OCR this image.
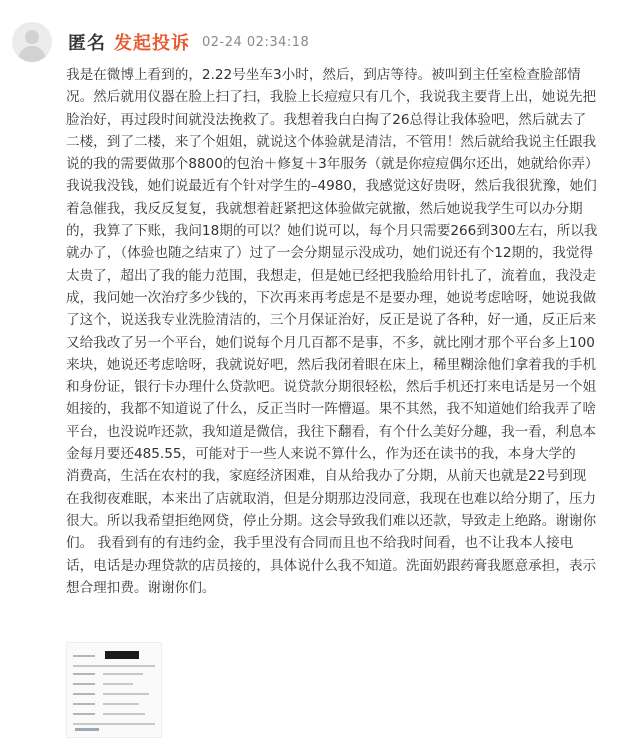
匿名 发起投诉 02-24 02:34:18
我是在微博上看到的，2.22号坐车3小时，然后，到店等待。被叫到主任室检查脸部情
况。然后就用仪器在脸上扫了扫，我脸上长痘痘只有几个，我说我主要背上出，她说先把
脸治好，再过段时间就没法挽救了。我想着我白白掏了26总得让我体验吧，然后就去了
二楼，到了二楼，来了个姐姐，就说这个体验就是清洁，不管用！然后就给我说主任跟我
说的我的需要做那个8800的包治＋修复＋3年服务（就是你痘痘偶尔还出，她就给你弄）
我说我没钱，她们说最近有个针对学生的–4980，我感觉这好贵呀，然后我很犹豫，她们
着急催我，我反反复复，我就想着赶紧把这体验做完就撤，然后她说我学生可以办分期
的，我算了下账，我问18期的可以？她们说可以，每个月只需要266到300左右，所以我
就办了，（体验也随之结束了）过了一会分期显示没成功，她们说还有个12期的，我觉得
太贵了，超出了我的能力范围，我想走，但是她已经把我脸给用针扎了，流着血，我没走
成，我问她一次治疗多少钱的，下次再来再考虑是不是要办理，她说考虑啥呀，她说我做
了这个，说送我专业洗脸清洁的，三个月保证治好，反正是说了各种，好一通，反正后来
又给我改了另一个平台，她们说每个月几百都不是事，不多，就比刚才那个平台多上100
来块，她说还考虑啥呀，我就说好吧，然后我闭着眼在床上，稀里糊涂他们拿着我的手机
和身份证，银行卡办理什么贷款吧。说贷款分期很轻松，然后手机还打来电话是另一个姐
姐接的，我都不知道说了什么，反正当时一阵懵逼。果不其然，我不知道她们给我弄了啥
平台，也没说咋还款，我知道是微信，我往下翻看，有个什么美好分趣，我一看，利息本
金每月要还485.55，可能对于一些人来说不算什么，作为还在读书的我，本身大学的
消费高，生活在农村的我，家庭经济困难，自从给我办了分期，从前天也就是22号到现
在我彻夜难眠，本来出了店就取消，但是分期那边没同意，我现在也难以给分期了，压力
很大。所以我希望拒绝网贷，停止分期。这会导致我们难以还款，导致走上绝路。谢谢你
们。 我看到有的有违约金，我手里没有合同而且也不给我时间看，也不让我本人接电
话，电话是办理贷款的店员接的，具体说什么我不知道。洗面奶跟药膏我愿意承担，表示
想合理扣费。谢谢你们。
